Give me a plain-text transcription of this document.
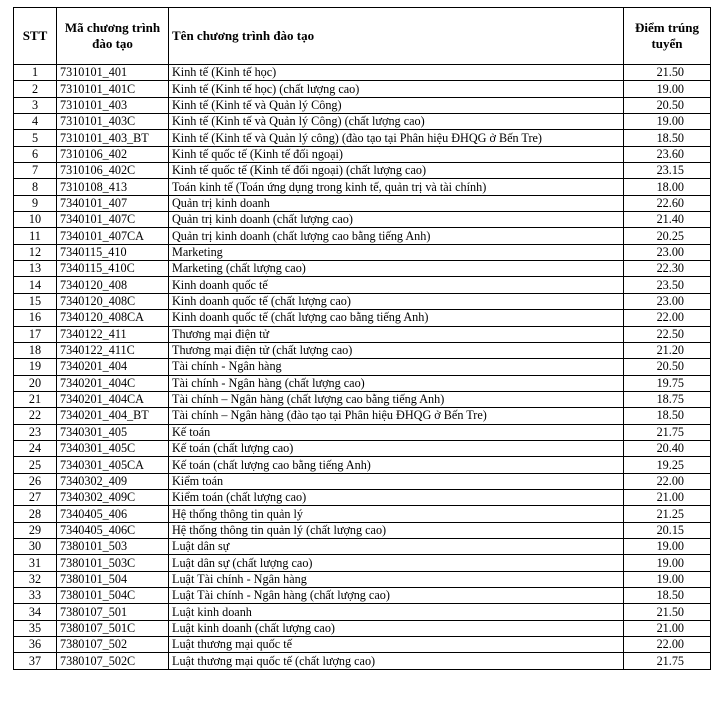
STT	Mã chương trình đào tạo	Tên chương trình đào tạo	Điểm trúng tuyển
1	7310101_401	Kinh tế (Kinh tế học)	21.50
2	7310101_401C	Kinh tế (Kinh tế học) (chất lượng cao)	19.00
3	7310101_403	Kinh tế (Kinh tế và Quản lý Công)	20.50
4	7310101_403C	Kinh tế (Kinh tế và Quản lý Công) (chất lượng cao)	19.00
5	7310101_403_BT	Kinh tế (Kinh tế và Quản lý công) (đào tạo tại Phân hiệu ĐHQG ở Bến Tre)	18.50
6	7310106_402	Kinh tế quốc tế (Kinh tế đối ngoại)	23.60
7	7310106_402C	Kinh tế quốc tế (Kinh tế đối ngoại) (chất lượng cao)	23.15
8	7310108_413	Toán kinh tế (Toán ứng dụng trong kinh tế, quản trị và tài chính)	18.00
9	7340101_407	Quản trị kinh doanh	22.60
10	7340101_407C	Quản trị kinh doanh (chất lượng cao)	21.40
11	7340101_407CA	Quản trị kinh doanh (chất lượng cao bằng tiếng Anh)	20.25
12	7340115_410	Marketing	23.00
13	7340115_410C	Marketing (chất lượng cao)	22.30
14	7340120_408	Kinh doanh quốc tế	23.50
15	7340120_408C	Kinh doanh quốc tế (chất lượng cao)	23.00
16	7340120_408CA	Kinh doanh quốc tế (chất lượng cao bằng tiếng Anh)	22.00
17	7340122_411	Thương mại điện tử	22.50
18	7340122_411C	Thương mại điện tử (chất lượng cao)	21.20
19	7340201_404	Tài chính - Ngân hàng	20.50
20	7340201_404C	Tài chính - Ngân hàng (chất lượng cao)	19.75
21	7340201_404CA	Tài chính – Ngân hàng (chất lượng cao bằng tiếng Anh)	18.75
22	7340201_404_BT	Tài chính – Ngân hàng (đào tạo tại Phân hiệu ĐHQG ở Bến Tre)	18.50
23	7340301_405	Kế toán	21.75
24	7340301_405C	Kế toán (chất lượng cao)	20.40
25	7340301_405CA	Kế toán (chất lượng cao bằng tiếng Anh)	19.25
26	7340302_409	Kiểm toán	22.00
27	7340302_409C	Kiểm toán (chất lượng cao)	21.00
28	7340405_406	Hệ thống thông tin quản lý	21.25
29	7340405_406C	Hệ thống thông tin quản lý (chất lượng cao)	20.15
30	7380101_503	Luật dân sự	19.00
31	7380101_503C	Luật dân sự (chất lượng cao)	19.00
32	7380101_504	Luật Tài chính - Ngân hàng	19.00
33	7380101_504C	Luật Tài chính - Ngân hàng (chất lượng cao)	18.50
34	7380107_501	Luật kinh doanh	21.50
35	7380107_501C	Luật kinh doanh (chất lượng cao)	21.00
36	7380107_502	Luật thương mại quốc tế	22.00
37	7380107_502C	Luật thương mại quốc tế (chất lượng cao)	21.75
